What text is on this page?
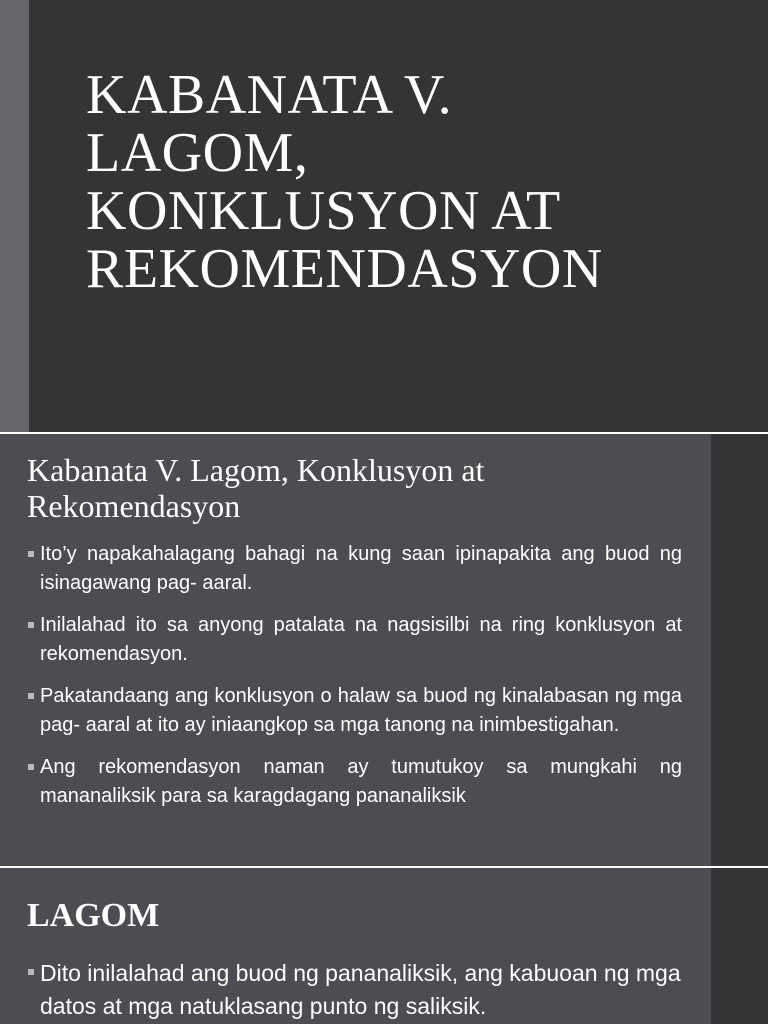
KABANATA V.
LAGOM,
KONKLUSYON AT
REKOMENDASYON
Kabanata V. Lagom, Konklusyon at Rekomendasyon
Ito’y napakahalagang bahagi na kung saan ipinapakita ang buod ng isinagawang pag- aaral.
Inilalahad ito sa anyong patalata na nagsisilbi na ring konklusyon at rekomendasyon.
Pakatandaang ang konklusyon o halaw sa buod ng kinalabasan ng mga pag- aaral at ito ay iniaangkop sa mga tanong na inimbestigahan.
Ang rekomendasyon naman ay tumutukoy sa mungkahi ng mananaliksik para sa karagdagang pananaliksik
LAGOM
Dito inilalahad ang buod ng pananaliksik, ang kabuoan ng mga datos at mga natuklasang punto ng saliksik.
